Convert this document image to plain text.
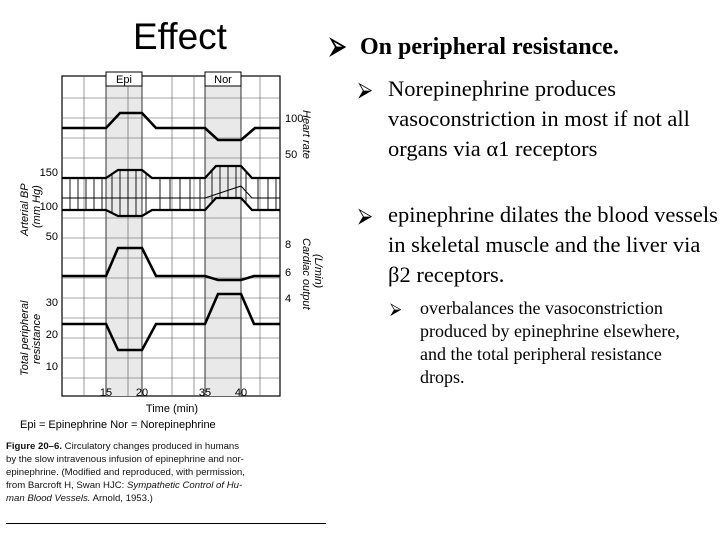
Effect
Epi	Nor
100
50
150
100
50
8
6
4
30
20
10
15 20	35 40
Time (min)
Epi = Epinephrine Nor = Norepinephrine
Arterial BP (mm Hg)
Heart rate
Cardiac output (L/min)
Total peripheral resistance
Figure 20–6. Circulatory changes produced in humans
by the slow intravenous infusion of epinephrine and nor-
epinephrine. (Modified and reproduced, with permission,
from Barcroft H, Swan HJC: Sympathetic Control of Hu-
man Blood Vessels. Arnold, 1953.)
⮚ On peripheral resistance.
⮚ Norepinephrine produces vasoconstriction in most if not all organs via α1 receptors
⮚ epinephrine dilates the blood vessels in skeletal muscle and the liver via β2 receptors.
⮚ overbalances the vasoconstriction produced by epinephrine elsewhere, and the total peripheral resistance drops.
